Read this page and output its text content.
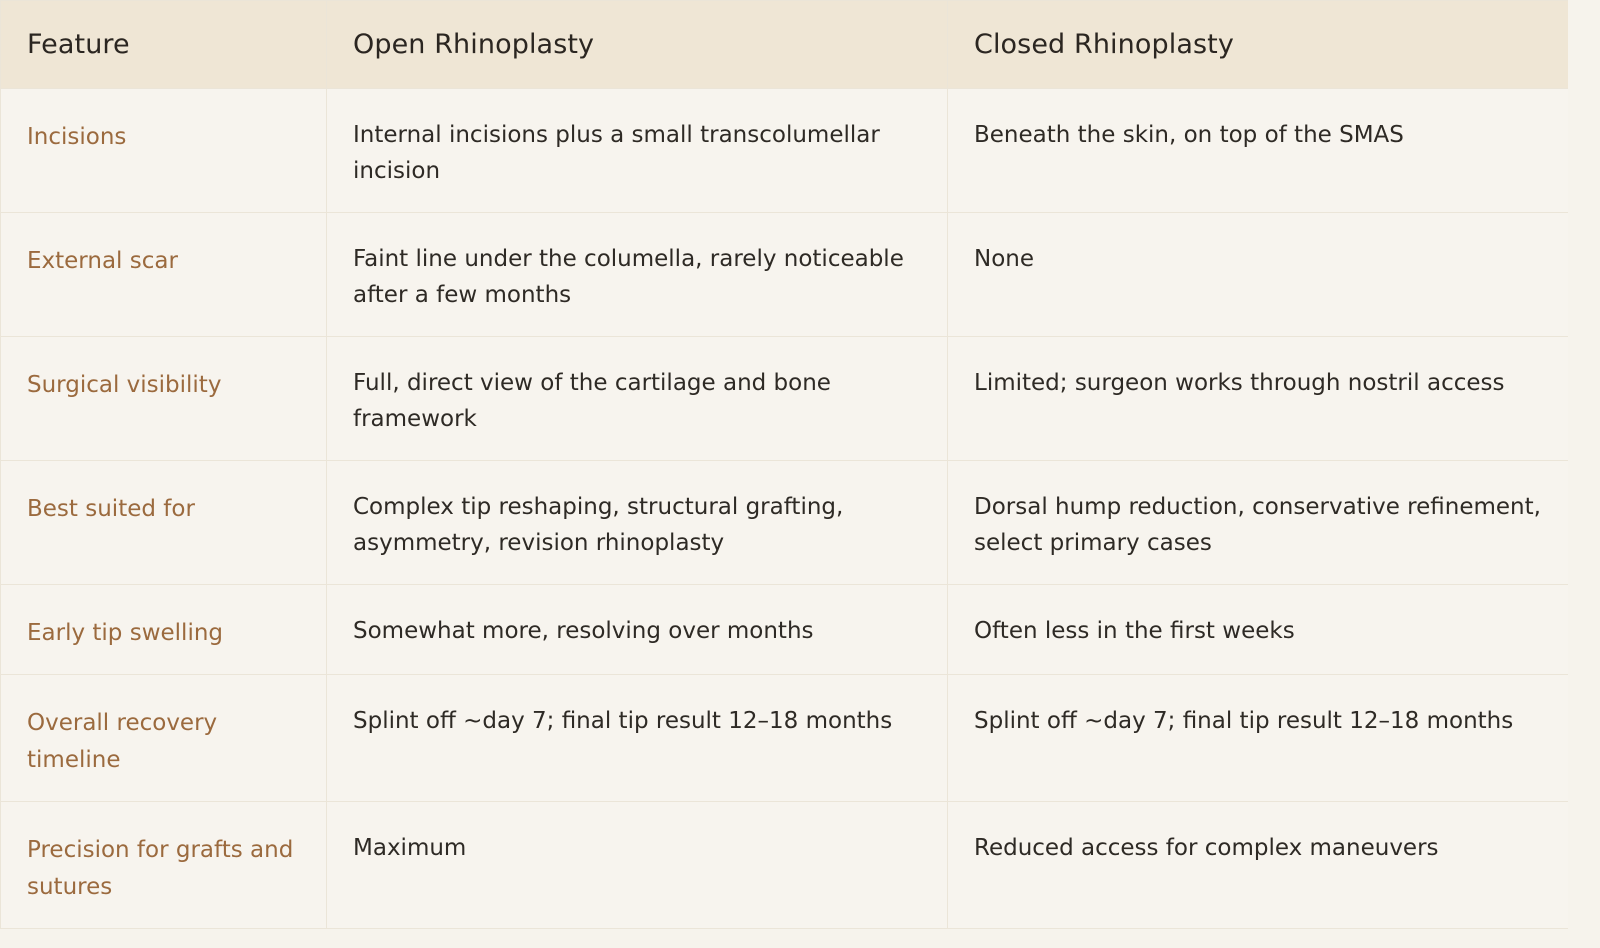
Feature	Open Rhinoplasty	Closed Rhinoplasty
Incisions	Internal incisions plus a small transcolumellar incision	Beneath the skin, on top of the SMAS
External scar	Faint line under the columella, rarely noticeable after a few months	None
Surgical visibility	Full, direct view of the cartilage and bone framework	Limited; surgeon works through nostril access
Best suited for	Complex tip reshaping, structural grafting, asymmetry, revision rhinoplasty	Dorsal hump reduction, conservative refinement, select primary cases
Early tip swelling	Somewhat more, resolving over months	Often less in the first weeks
Overall recovery timeline	Splint off ~day 7; final tip result 12–18 months	Splint off ~day 7; final tip result 12–18 months
Precision for grafts and sutures	Maximum	Reduced access for complex maneuvers
